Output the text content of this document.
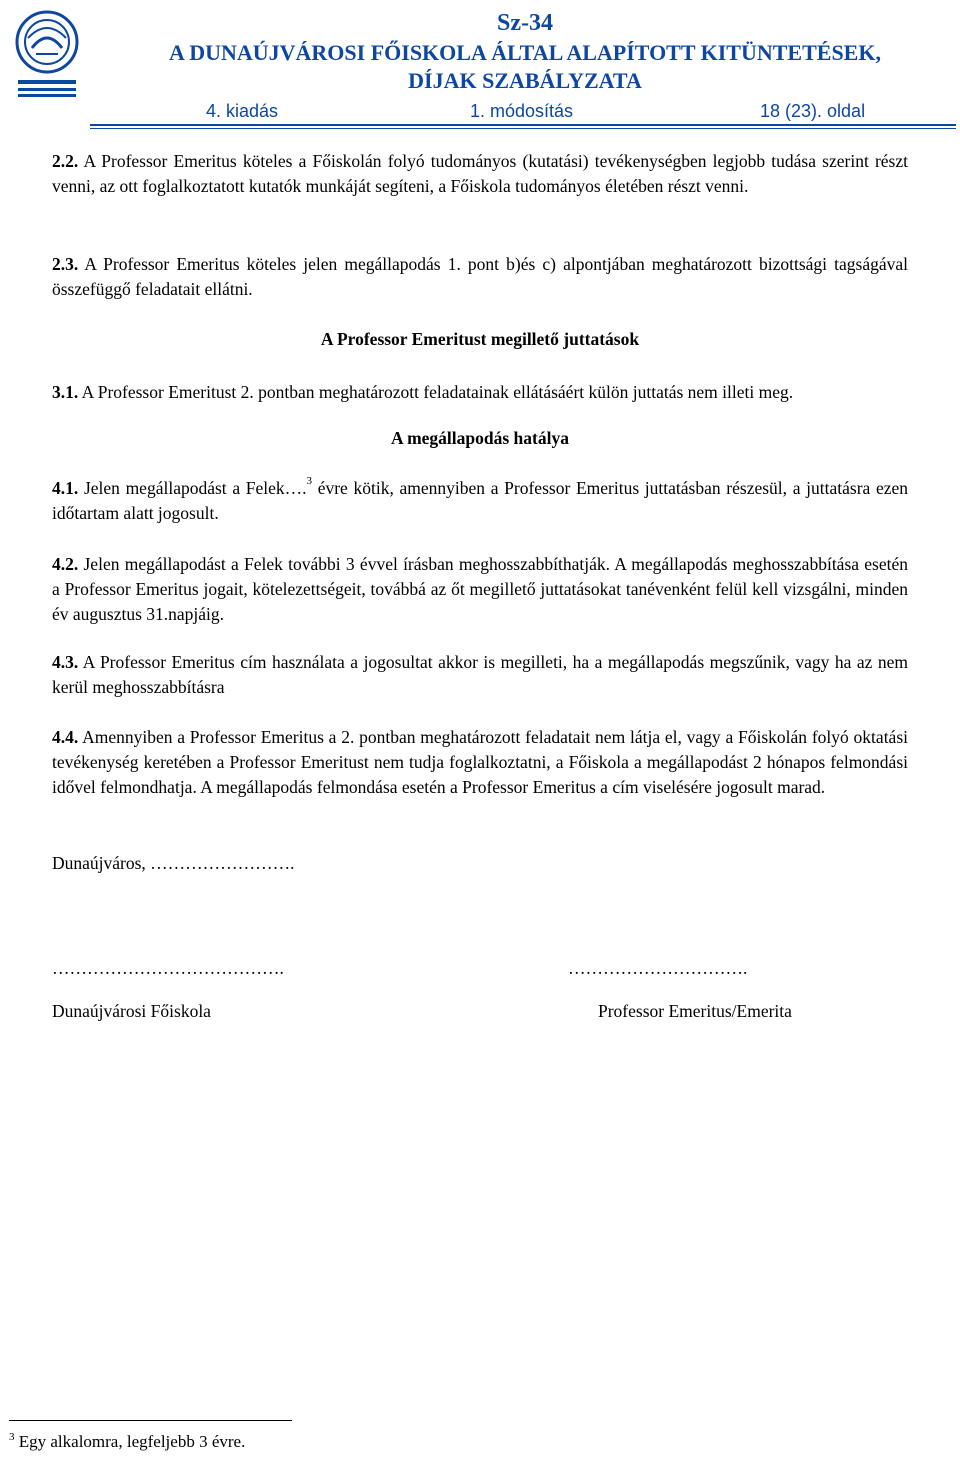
Sz-34
A DUNAÚJVÁROSI FŐISKOLA ÁLTAL ALAPÍTOTT KITÜNTETÉSEK,
DÍJAK SZABÁLYZATA
4. kiadás	1. módosítás	18 (23). oldal
2.2. A Professor Emeritus köteles a Főiskolán folyó tudományos (kutatási) tevékenységben legjobb tudása szerint részt venni, az ott foglalkoztatott kutatók munkáját segíteni, a Főiskola tudományos életében részt venni.
2.3. A Professor Emeritus köteles jelen megállapodás 1. pont b)és c) alpontjában meghatározott bizottsági tagságával összefüggő feladatait ellátni.
A Professor Emeritust megillető juttatások
3.1. A Professor Emeritust 2. pontban meghatározott feladatainak ellátásáért külön juttatás nem illeti meg.
A megállapodás hatálya
4.1. Jelen megállapodást a Felek….$^3$ évre kötik, amennyiben a Professor Emeritus juttatásban részesül, a juttatásra ezen időtartam alatt jogosult.
4.2. Jelen megállapodást a Felek további 3 évvel írásban meghosszabbíthatják. A megállapodás meghosszabbítása esetén a Professor Emeritus jogait, kötelezettségeit, továbbá az őt megillető juttatásokat tanévenként felül kell vizsgálni, minden év augusztus 31.napjáig.
4.3. A Professor Emeritus cím használata a jogosultat akkor is megilleti, ha a megállapodás megszűnik, vagy ha az nem kerül meghosszabbításra
4.4. Amennyiben a Professor Emeritus a 2. pontban meghatározott feladatait nem látja el, vagy a Főiskolán folyó oktatási tevékenység keretében a Professor Emeritust nem tudja foglalkoztatni, a Főiskola a megállapodást 2 hónapos felmondási idővel felmondhatja. A megállapodás felmondása esetén a Professor Emeritus a cím viselésére jogosult marad.
Dunaújváros, …………………….
………………………………….	………………………….
Dunaújvárosi Főiskola	Professor Emeritus/Emerita
$^3$ Egy alkalomra, legfeljebb 3 évre.
